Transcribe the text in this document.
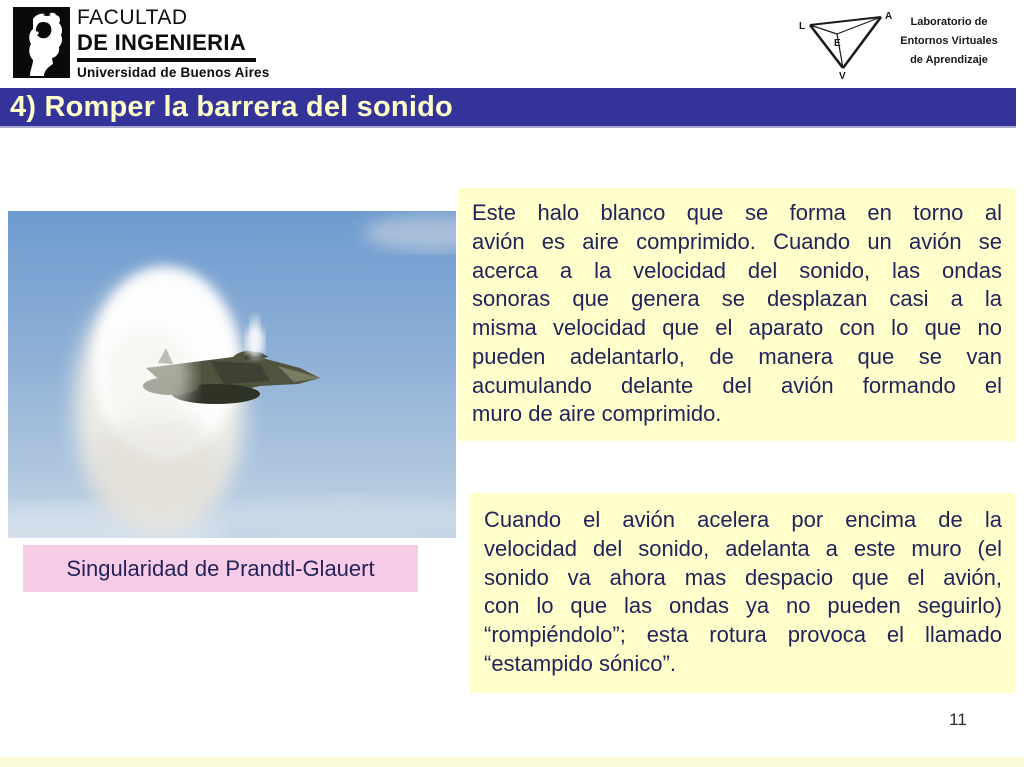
FACULTAD
DE INGENIERIA
Universidad de Buenos Aires
L
A
E
V
Laboratorio de
Entornos Virtuales
de Aprendizaje
4) Romper la barrera del sonido
Singularidad de Prandtl-Glauert
Este halo blanco que se forma en torno al
avión es aire comprimido. Cuando un avión se
acerca a la velocidad del sonido, las ondas
sonoras que genera se desplazan casi a la
misma velocidad que el aparato con lo que no
pueden adelantarlo, de manera que se van
acumulando delante del avión formando el
muro de aire comprimido.
Cuando el avión acelera por encima de la
velocidad del sonido, adelanta a este muro (el
sonido va ahora mas despacio que el avión,
con lo que las ondas ya no pueden seguirlo)
“rompiéndolo”; esta rotura provoca el llamado
“estampido sónico”.
11
